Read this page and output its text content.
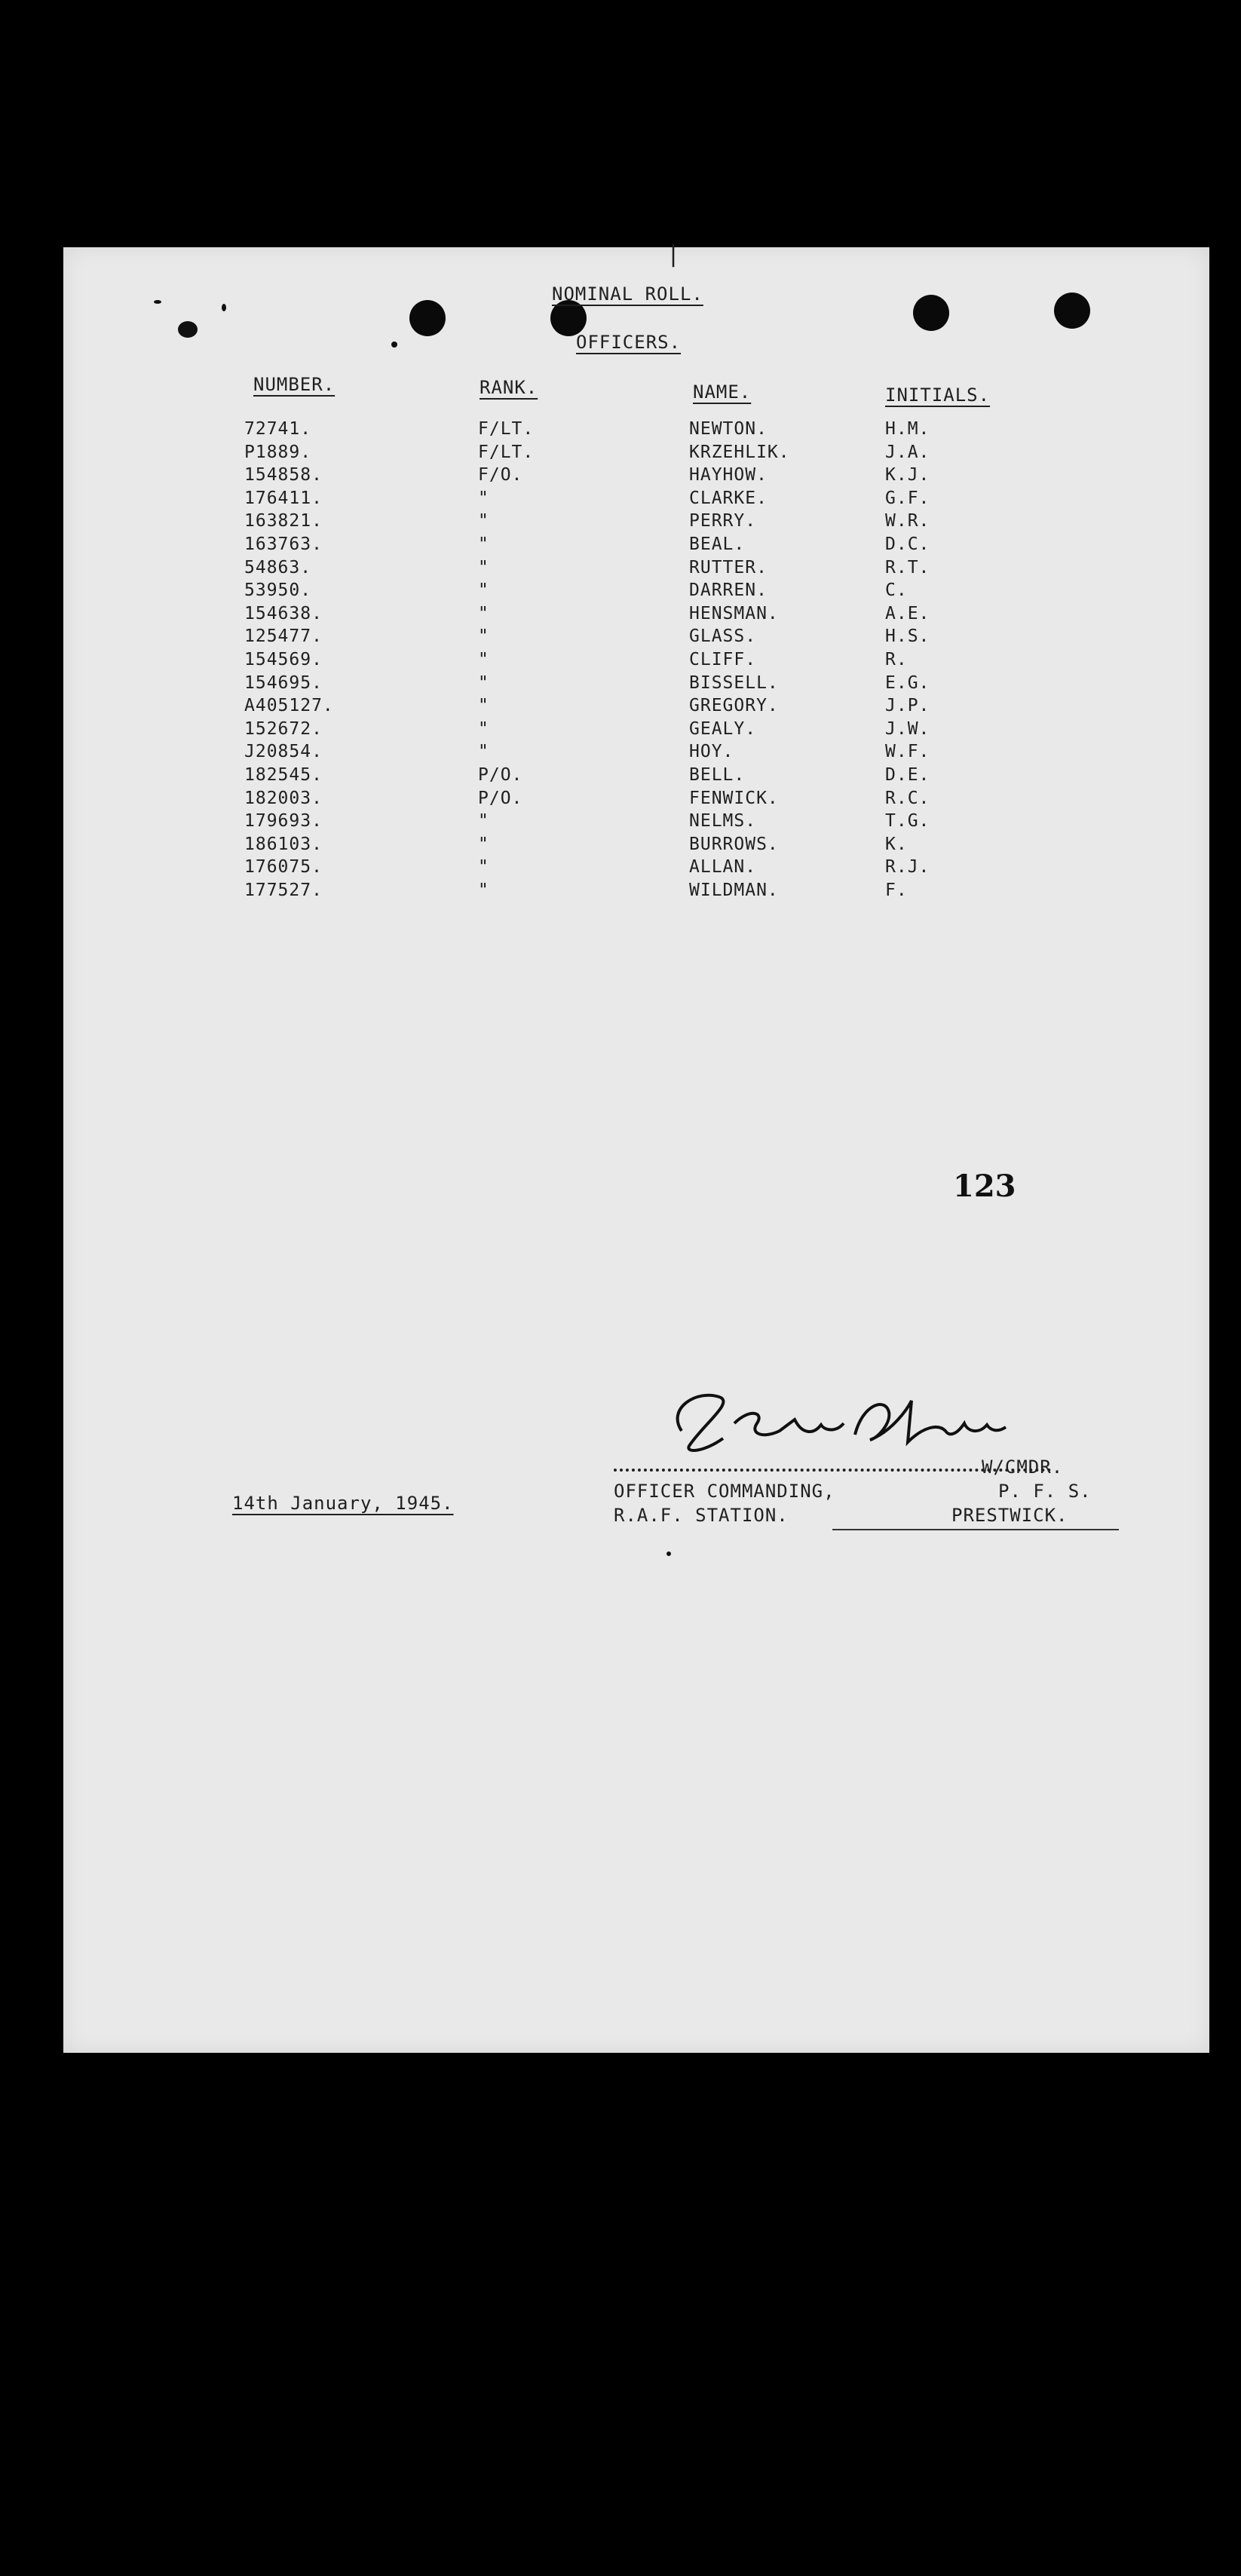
|
NOMINAL ROLL.
OFFICERS.
NUMBER.	RANK.	NAME.	INITIALS.
72741.	F/LT.	NEWTON.	H.M.
P1889.	F/LT.	KRZEHLIK.	J.A.
154858.	F/O.	HAYHOW.	K.J.
176411.	"	CLARKE.	G.F.
163821.	"	PERRY.	W.R.
163763.	"	BEAL.	D.C.
54863.	"	RUTTER.	R.T.
53950.	"	DARREN.	C.
154638.	"	HENSMAN.	A.E.
125477.	"	GLASS.	H.S.
154569.	"	CLIFF.	R.
154695.	"	BISSELL.	E.G.
A405127.	"	GREGORY.	J.P.
152672.	"	GEALY.	J.W.
J20854.	"	HOY.	W.F.
182545.	P/O.	BELL.	D.E.
182003.	P/O.	FENWICK.	R.C.
179693.	"	NELMS.	T.G.
186103.	"	BURROWS.	K.
176075.	"	ALLAN.	R.J.
177527.	"	WILDMAN.	F.
123
W/CMDR.
14th January, 1945.
OFFICER COMMANDING,	P. F. S.
R.A.F. STATION.	PRESTWICK.
